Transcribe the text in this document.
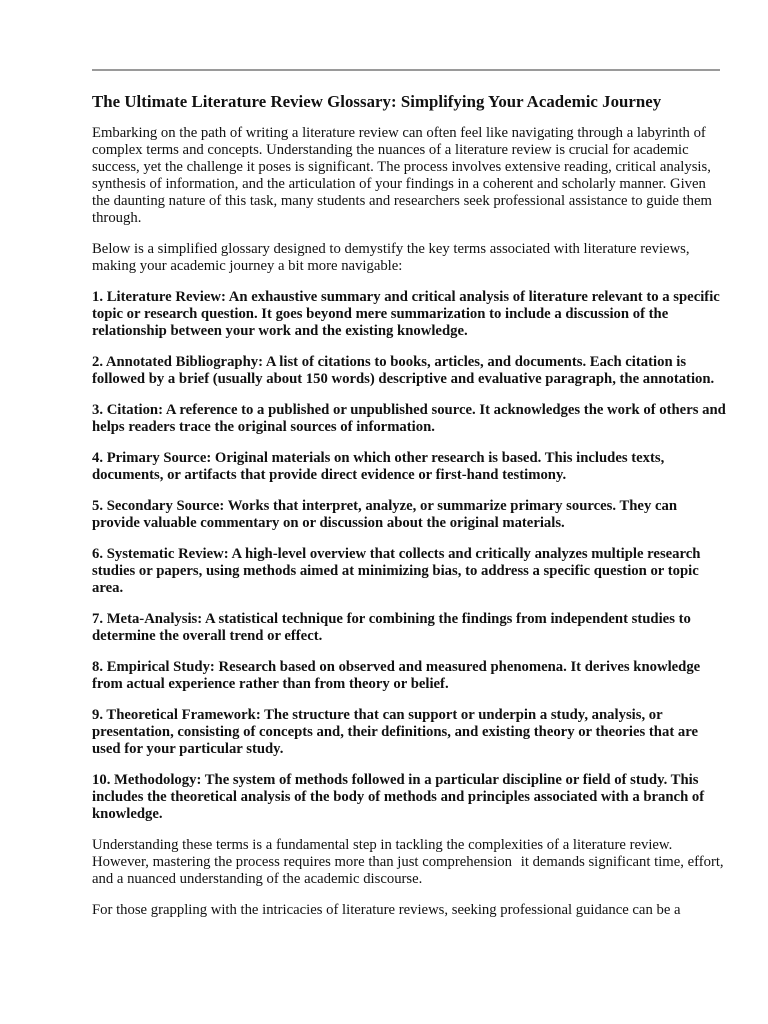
The Ultimate Literature Review Glossary: Simplifying Your Academic Journey

Embarking on the path of writing a literature review can often feel like navigating through a labyrinth of complex terms and concepts. Understanding the nuances of a literature review is crucial for academic success, yet the challenge it poses is significant. The process involves extensive reading, critical analysis, synthesis of information, and the articulation of your findings in a coherent and scholarly manner. Given the daunting nature of this task, many students and researchers seek professional assistance to guide them through.

Below is a simplified glossary designed to demystify the key terms associated with literature reviews, making your academic journey a bit more navigable:

1. Literature Review: An exhaustive summary and critical analysis of literature relevant to a specific topic or research question. It goes beyond mere summarization to include a discussion of the relationship between your work and the existing knowledge.

2. Annotated Bibliography: A list of citations to books, articles, and documents. Each citation is followed by a brief (usually about 150 words) descriptive and evaluative paragraph, the annotation.

3. Citation: A reference to a published or unpublished source. It acknowledges the work of others and helps readers trace the original sources of information.

4. Primary Source: Original materials on which other research is based. This includes texts, documents, or artifacts that provide direct evidence or first-hand testimony.

5. Secondary Source: Works that interpret, analyze, or summarize primary sources. They can provide valuable commentary on or discussion about the original materials.

6. Systematic Review: A high-level overview that collects and critically analyzes multiple research studies or papers, using methods aimed at minimizing bias, to address a specific question or topic area.

7. Meta-Analysis: A statistical technique for combining the findings from independent studies to determine the overall trend or effect.

8. Empirical Study: Research based on observed and measured phenomena. It derives knowledge from actual experience rather than from theory or belief.

9. Theoretical Framework: The structure that can support or underpin a study, analysis, or presentation, consisting of concepts and, their definitions, and existing theory or theories that are used for your particular study.

10. Methodology: The system of methods followed in a particular discipline or field of study. This includes the theoretical analysis of the body of methods and principles associated with a branch of knowledge.

Understanding these terms is a fundamental step in tackling the complexities of a literature review. However, mastering the process requires more than just comprehension   it demands significant time, effort, and a nuanced understanding of the academic discourse.

For those grappling with the intricacies of literature reviews, seeking professional guidance can be a
